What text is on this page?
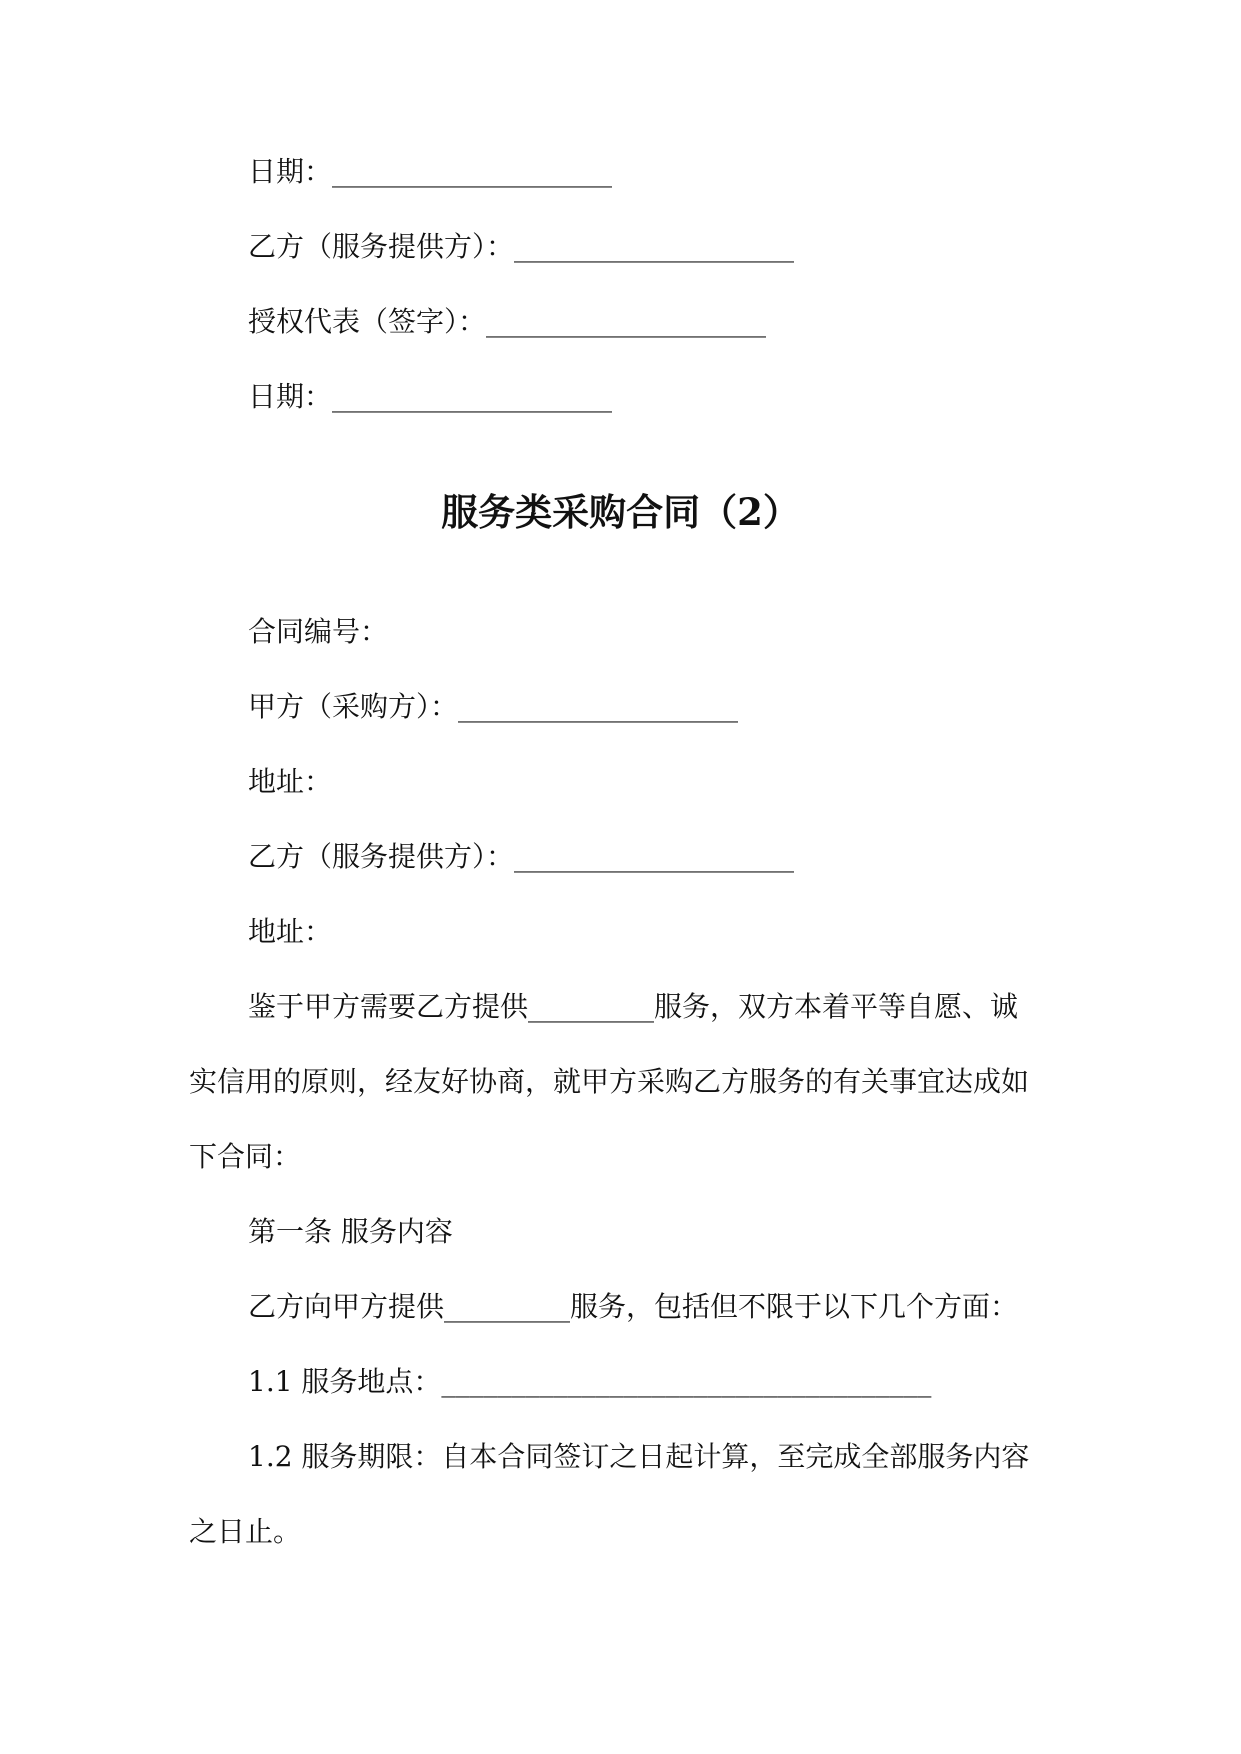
日期：____________________
乙方（服务提供方）：____________________
授权代表（签字）：____________________
日期：____________________
服务类采购合同（2）
合同编号：
甲方（采购方）：____________________
地址：
乙方（服务提供方）：____________________
地址：
鉴于甲方需要乙方提供_________服务，双方本着平等自愿、诚
实信用的原则，经友好协商，就甲方采购乙方服务的有关事宜达成如
下合同：
第一条 服务内容
乙方向甲方提供_________服务，包括但不限于以下几个方面：
1.1 服务地点：___________________________________
1.2 服务期限：自本合同签订之日起计算，至完成全部服务内容
之日止。
